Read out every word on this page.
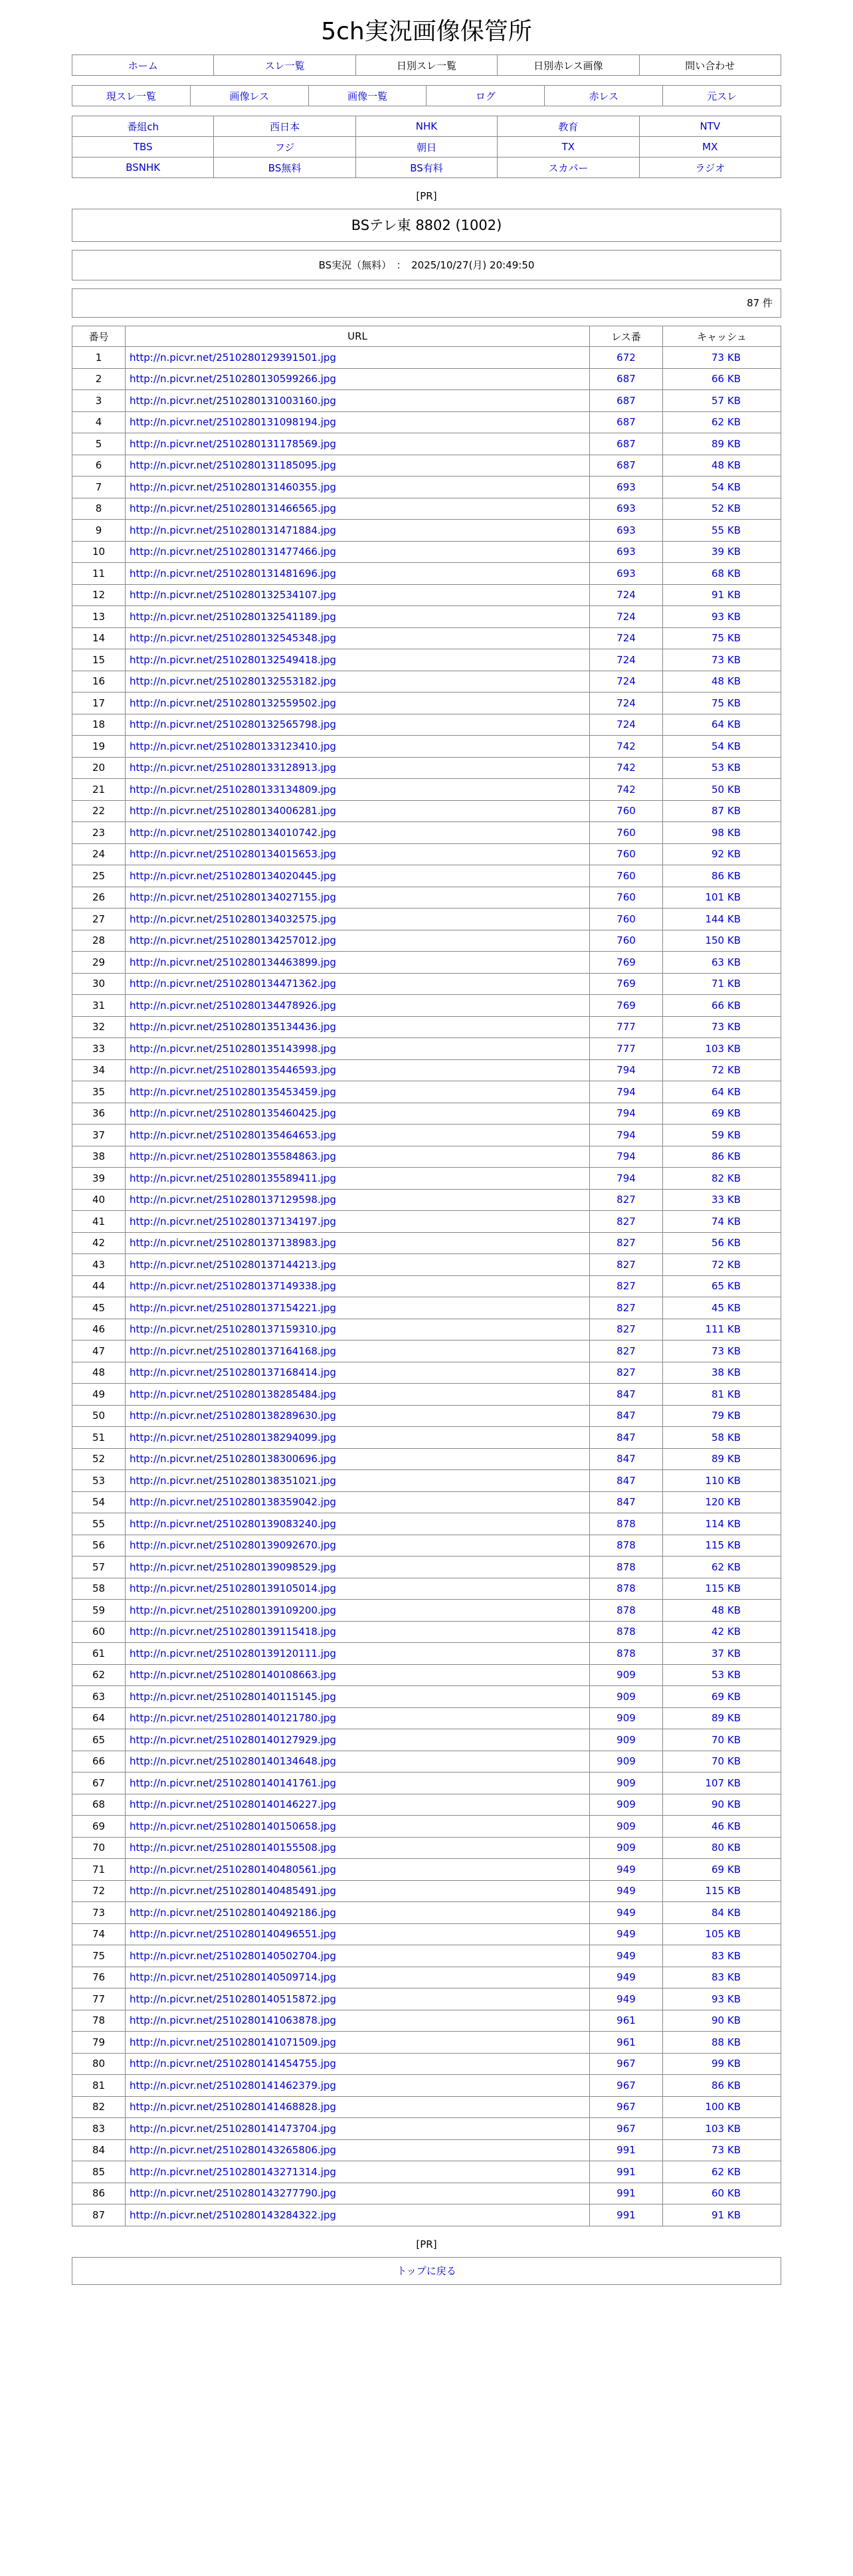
5ch実況画像保管所
ホーム	スレ一覧	日別スレ一覧	日別赤レス画像	問い合わせ
現スレ一覧	画像レス	画像一覧	ログ	赤レス	元スレ
番組ch	西日本	NHK	教育	NTV
TBS	フジ	朝日	TX	MX
BSNHK	BS無料	BS有料	スカパー	ラジオ
[PR]
BSテレ東 8802 (1002)
BS実況（無料）　：　2025/10/27(月) 20:49:50
87 件
番号	URL	レス番	キャッシュ
1	http://n.picvr.net/2510280129391501.jpg	672	73 KB
2	http://n.picvr.net/2510280130599266.jpg	687	66 KB
3	http://n.picvr.net/2510280131003160.jpg	687	57 KB
4	http://n.picvr.net/2510280131098194.jpg	687	62 KB
5	http://n.picvr.net/2510280131178569.jpg	687	89 KB
6	http://n.picvr.net/2510280131185095.jpg	687	48 KB
7	http://n.picvr.net/2510280131460355.jpg	693	54 KB
8	http://n.picvr.net/2510280131466565.jpg	693	52 KB
9	http://n.picvr.net/2510280131471884.jpg	693	55 KB
10	http://n.picvr.net/2510280131477466.jpg	693	39 KB
11	http://n.picvr.net/2510280131481696.jpg	693	68 KB
12	http://n.picvr.net/2510280132534107.jpg	724	91 KB
13	http://n.picvr.net/2510280132541189.jpg	724	93 KB
14	http://n.picvr.net/2510280132545348.jpg	724	75 KB
15	http://n.picvr.net/2510280132549418.jpg	724	73 KB
16	http://n.picvr.net/2510280132553182.jpg	724	48 KB
17	http://n.picvr.net/2510280132559502.jpg	724	75 KB
18	http://n.picvr.net/2510280132565798.jpg	724	64 KB
19	http://n.picvr.net/2510280133123410.jpg	742	54 KB
20	http://n.picvr.net/2510280133128913.jpg	742	53 KB
21	http://n.picvr.net/2510280133134809.jpg	742	50 KB
22	http://n.picvr.net/2510280134006281.jpg	760	87 KB
23	http://n.picvr.net/2510280134010742.jpg	760	98 KB
24	http://n.picvr.net/2510280134015653.jpg	760	92 KB
25	http://n.picvr.net/2510280134020445.jpg	760	86 KB
26	http://n.picvr.net/2510280134027155.jpg	760	101 KB
27	http://n.picvr.net/2510280134032575.jpg	760	144 KB
28	http://n.picvr.net/2510280134257012.jpg	760	150 KB
29	http://n.picvr.net/2510280134463899.jpg	769	63 KB
30	http://n.picvr.net/2510280134471362.jpg	769	71 KB
31	http://n.picvr.net/2510280134478926.jpg	769	66 KB
32	http://n.picvr.net/2510280135134436.jpg	777	73 KB
33	http://n.picvr.net/2510280135143998.jpg	777	103 KB
34	http://n.picvr.net/2510280135446593.jpg	794	72 KB
35	http://n.picvr.net/2510280135453459.jpg	794	64 KB
36	http://n.picvr.net/2510280135460425.jpg	794	69 KB
37	http://n.picvr.net/2510280135464653.jpg	794	59 KB
38	http://n.picvr.net/2510280135584863.jpg	794	86 KB
39	http://n.picvr.net/2510280135589411.jpg	794	82 KB
40	http://n.picvr.net/2510280137129598.jpg	827	33 KB
41	http://n.picvr.net/2510280137134197.jpg	827	74 KB
42	http://n.picvr.net/2510280137138983.jpg	827	56 KB
43	http://n.picvr.net/2510280137144213.jpg	827	72 KB
44	http://n.picvr.net/2510280137149338.jpg	827	65 KB
45	http://n.picvr.net/2510280137154221.jpg	827	45 KB
46	http://n.picvr.net/2510280137159310.jpg	827	111 KB
47	http://n.picvr.net/2510280137164168.jpg	827	73 KB
48	http://n.picvr.net/2510280137168414.jpg	827	38 KB
49	http://n.picvr.net/2510280138285484.jpg	847	81 KB
50	http://n.picvr.net/2510280138289630.jpg	847	79 KB
51	http://n.picvr.net/2510280138294099.jpg	847	58 KB
52	http://n.picvr.net/2510280138300696.jpg	847	89 KB
53	http://n.picvr.net/2510280138351021.jpg	847	110 KB
54	http://n.picvr.net/2510280138359042.jpg	847	120 KB
55	http://n.picvr.net/2510280139083240.jpg	878	114 KB
56	http://n.picvr.net/2510280139092670.jpg	878	115 KB
57	http://n.picvr.net/2510280139098529.jpg	878	62 KB
58	http://n.picvr.net/2510280139105014.jpg	878	115 KB
59	http://n.picvr.net/2510280139109200.jpg	878	48 KB
60	http://n.picvr.net/2510280139115418.jpg	878	42 KB
61	http://n.picvr.net/2510280139120111.jpg	878	37 KB
62	http://n.picvr.net/2510280140108663.jpg	909	53 KB
63	http://n.picvr.net/2510280140115145.jpg	909	69 KB
64	http://n.picvr.net/2510280140121780.jpg	909	89 KB
65	http://n.picvr.net/2510280140127929.jpg	909	70 KB
66	http://n.picvr.net/2510280140134648.jpg	909	70 KB
67	http://n.picvr.net/2510280140141761.jpg	909	107 KB
68	http://n.picvr.net/2510280140146227.jpg	909	90 KB
69	http://n.picvr.net/2510280140150658.jpg	909	46 KB
70	http://n.picvr.net/2510280140155508.jpg	909	80 KB
71	http://n.picvr.net/2510280140480561.jpg	949	69 KB
72	http://n.picvr.net/2510280140485491.jpg	949	115 KB
73	http://n.picvr.net/2510280140492186.jpg	949	84 KB
74	http://n.picvr.net/2510280140496551.jpg	949	105 KB
75	http://n.picvr.net/2510280140502704.jpg	949	83 KB
76	http://n.picvr.net/2510280140509714.jpg	949	83 KB
77	http://n.picvr.net/2510280140515872.jpg	949	93 KB
78	http://n.picvr.net/2510280141063878.jpg	961	90 KB
79	http://n.picvr.net/2510280141071509.jpg	961	88 KB
80	http://n.picvr.net/2510280141454755.jpg	967	99 KB
81	http://n.picvr.net/2510280141462379.jpg	967	86 KB
82	http://n.picvr.net/2510280141468828.jpg	967	100 KB
83	http://n.picvr.net/2510280141473704.jpg	967	103 KB
84	http://n.picvr.net/2510280143265806.jpg	991	73 KB
85	http://n.picvr.net/2510280143271314.jpg	991	62 KB
86	http://n.picvr.net/2510280143277790.jpg	991	60 KB
87	http://n.picvr.net/2510280143284322.jpg	991	91 KB
[PR]
トップに戻る
